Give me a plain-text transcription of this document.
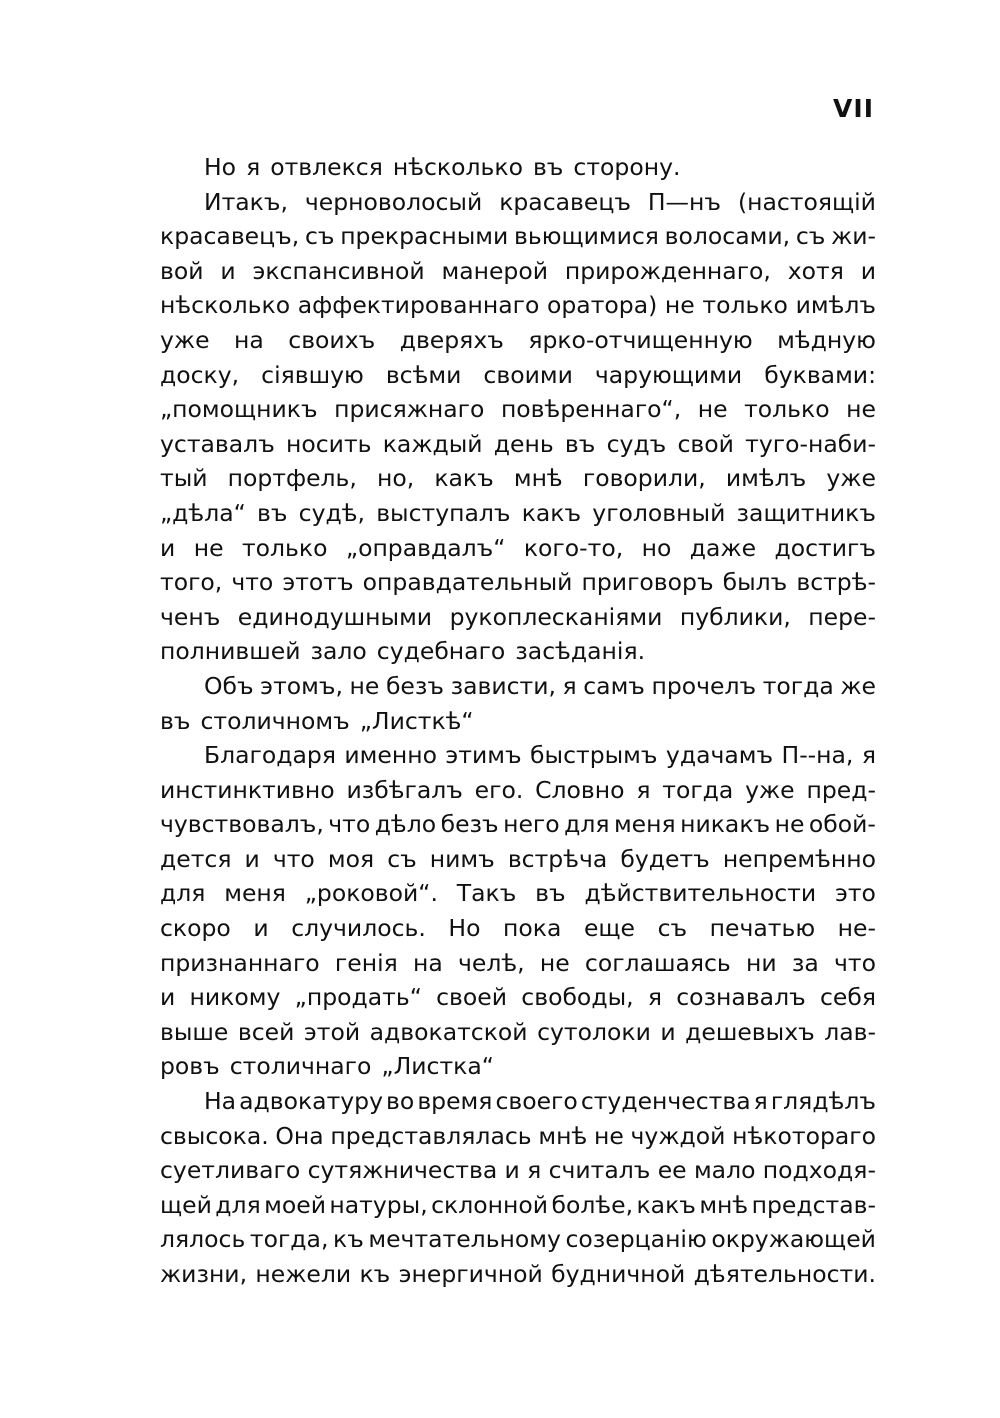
VII
Но я отвлекся нѣсколько въ сторону.
Итакъ, черноволосый красавецъ П—нъ (настоящій
красавецъ, съ прекрасными вьющимися волосами, съ жи-
вой и экспансивной манерой прирожденнаго, хотя и
нѣсколько аффектированнаго оратора) не только имѣлъ
уже на своихъ дверяхъ ярко-отчищенную мѣдную
доску, сіявшую всѣми своими чарующими буквами:
„помощникъ присяжнаго повѣреннаго“, не только не
уставалъ носить каждый день въ судъ свой туго-наби-
тый портфель, но, какъ мнѣ говорили, имѣлъ уже
„дѣла“ въ судѣ, выступалъ какъ уголовный защитникъ
и не только „оправдалъ“ кого-то, но даже достигъ
того, что этотъ оправдательный приговоръ былъ встрѣ-
ченъ единодушными рукоплесканіями публики, пере-
полнившей зало судебнаго засѣданія.
Объ этомъ, не безъ зависти, я самъ прочелъ тогда же
въ столичномъ „Листкѣ“
Благодаря именно этимъ быстрымъ удачамъ П--на, я
инстинктивно избѣгалъ его. Словно я тогда уже пред-
чувствовалъ, что дѣло безъ него для меня никакъ не обой-
дется и что моя съ нимъ встрѣча будетъ непремѣнно
для меня „роковой“. Такъ въ дѣйствительности это
скоро и случилось. Но пока еще съ печатью не-
признаннаго генія на челѣ, не соглашаясь ни за что
и никому „продать“ своей свободы, я сознавалъ себя
выше всей этой адвокатской сутолоки и дешевыхъ лав-
ровъ столичнаго „Листка“
На адвокатуру во время своего студенчества я глядѣлъ
свысока. Она представлялась мнѣ не чуждой нѣкотораго
суетливаго сутяжничества и я считалъ ее мало подходя-
щей для моей натуры, склонной болѣе, какъ мнѣ представ-
лялось тогда, къ мечтательному созерцанію окружающей
жизни, нежели къ энергичной будничной дѣятельности.
